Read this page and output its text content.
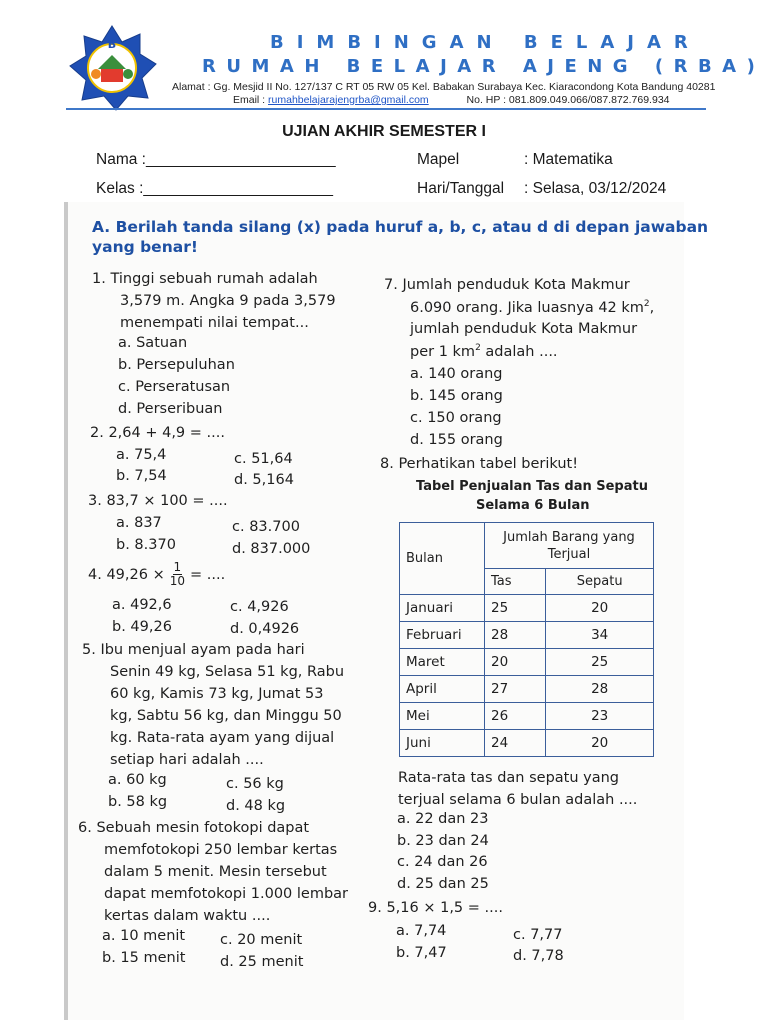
B	BIMBINGAN BELAJAR
RUMAH BELAJAR AJENG (RBA)
Alamat : Gg. Mesjid II No. 127/137 C RT 05 RW 05 Kel. Babakan Surabaya Kec. Kiaracondong Kota Bandung 40281
Email : rumahbelajarajengrba@gmail.com	No. HP : 081.809.049.066/087.872.769.934
UJIAN AKHIR SEMESTER I
Nama :______________________
Kelas :______________________
Mapel	: Matematika
Hari/Tanggal : Selasa, 03/12/2024
A. Berilah tanda silang (x) pada huruf a, b, c, atau d di depan jawaban
yang benar!
1. Tinggi sebuah rumah adalah
3,579 m. Angka 9 pada 3,579
menempati nilai tempat...
a. Satuan
b. Persepuluhan
c. Perseratusan
d. Perseribuan
2. 2,64 + 4,9 = ....
a. 75,4
b. 7,54
c. 51,64
d. 5,164
3. 83,7 × 100 = ....
a. 837
b. 8.370
c. 83.700
d. 837.000
4. $49,26 \times \frac{1}{10}$ = ....
a. 492,6
b. 49,26
c. 4,926
d. 0,4926
5. Ibu menjual ayam pada hari
Senin 49 kg, Selasa 51 kg, Rabu
60 kg, Kamis 73 kg, Jumat 53
kg, Sabtu 56 kg, dan Minggu 50
kg. Rata-rata ayam yang dijual
setiap hari adalah ....
a. 60 kg
b. 58 kg
c. 56 kg
d. 48 kg
6. Sebuah mesin fotokopi dapat
memfotokopi 250 lembar kertas
dalam 5 menit. Mesin tersebut
dapat memfotokopi 1.000 lembar
kertas dalam waktu ....
a. 10 menit
b. 15 menit
c. 20 menit
d. 25 menit
7. Jumlah penduduk Kota Makmur
6.090 orang. Jika luasnya 42 $km^2$,
jumlah penduduk Kota Makmur
per 1 $km^2$ adalah ....
a. 140 orang
b. 145 orang
c. 150 orang
d. 155 orang
8. Perhatikan tabel berikut!
Tabel Penjualan Tas dan Sepatu
Selama 6 Bulan
Bulan	Jumlah Barang yang Terjual	
	Tas	Sepatu
Januari	25	20
Februari	28	34
Maret	20	25
April	27	28
Mei	26	23
Juni	24	20
Rata-rata tas dan sepatu yang
terjual selama 6 bulan adalah ....
a. 22 dan 23
b. 23 dan 24
c. 24 dan 26
d. 25 dan 25
9. 5,16 × 1,5 = ....
a. 7,74
b. 7,47
c. 7,77
d. 7,78
